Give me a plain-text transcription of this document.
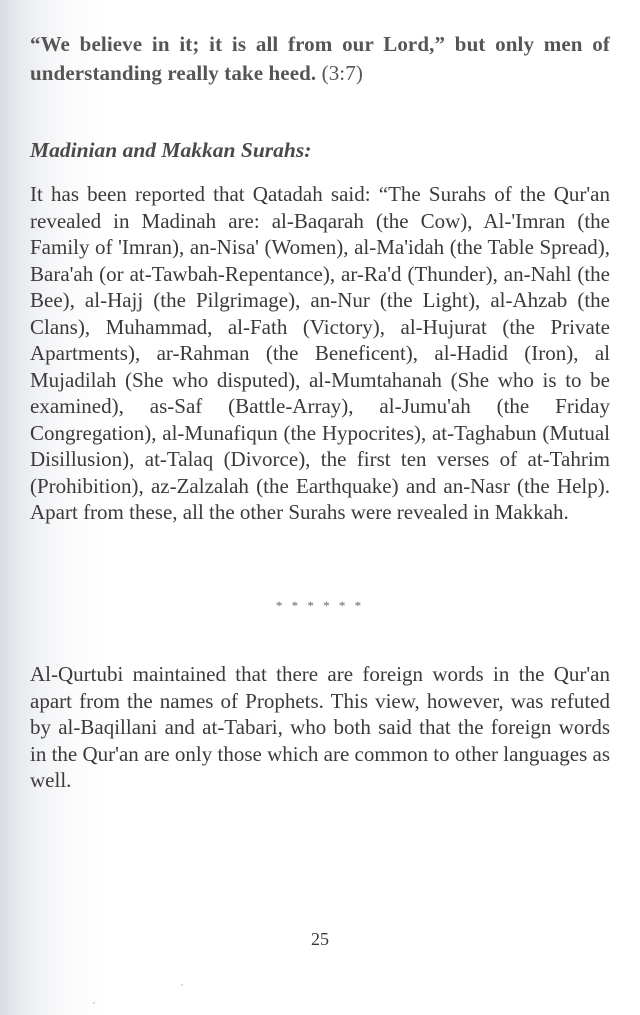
“We believe in it; it is all from our Lord,” but only men of understanding really take heed. (3:7)

Madinian and Makkan Surahs:

It has been reported that Qatadah said: “The Surahs of the Qur'an revealed in Madinah are: al-Baqarah (the Cow), Al-'Imran (the Family of 'Imran), an-Nisa' (Women), al-Ma'idah (the Table Spread), Bara'ah (or at-Tawbah-Repentance), ar-Ra'd (Thunder), an-Nahl (the Bee), al-Hajj (the Pilgrimage), an-Nur (the Light), al-Ahzab (the Clans), Muhammad, al-Fath (Victory), al-Hujurat (the Private Apartments), ar-Rahman (the Beneficent), al-Hadid (Iron), al Mujadilah (She who disputed), al-Mumtahanah (She who is to be examined), as-Saf (Battle-Array), al-Jumu'ah (the Friday Congregation), al-Munafiqun (the Hypocrites), at-Taghabun (Mutual Disillusion), at-Talaq (Divorce), the first ten verses of at-Tahrim (Prohibition), az-Zalzalah (the Earthquake) and an-Nasr (the Help). Apart from these, all the other Surahs were revealed in Makkah.

* * * * * *

Al-Qurtubi maintained that there are foreign words in the Qur'an apart from the names of Prophets. This view, however, was refuted by al-Baqillani and at-Tabari, who both said that the foreign words in the Qur'an are only those which are common to other languages as well.

25
